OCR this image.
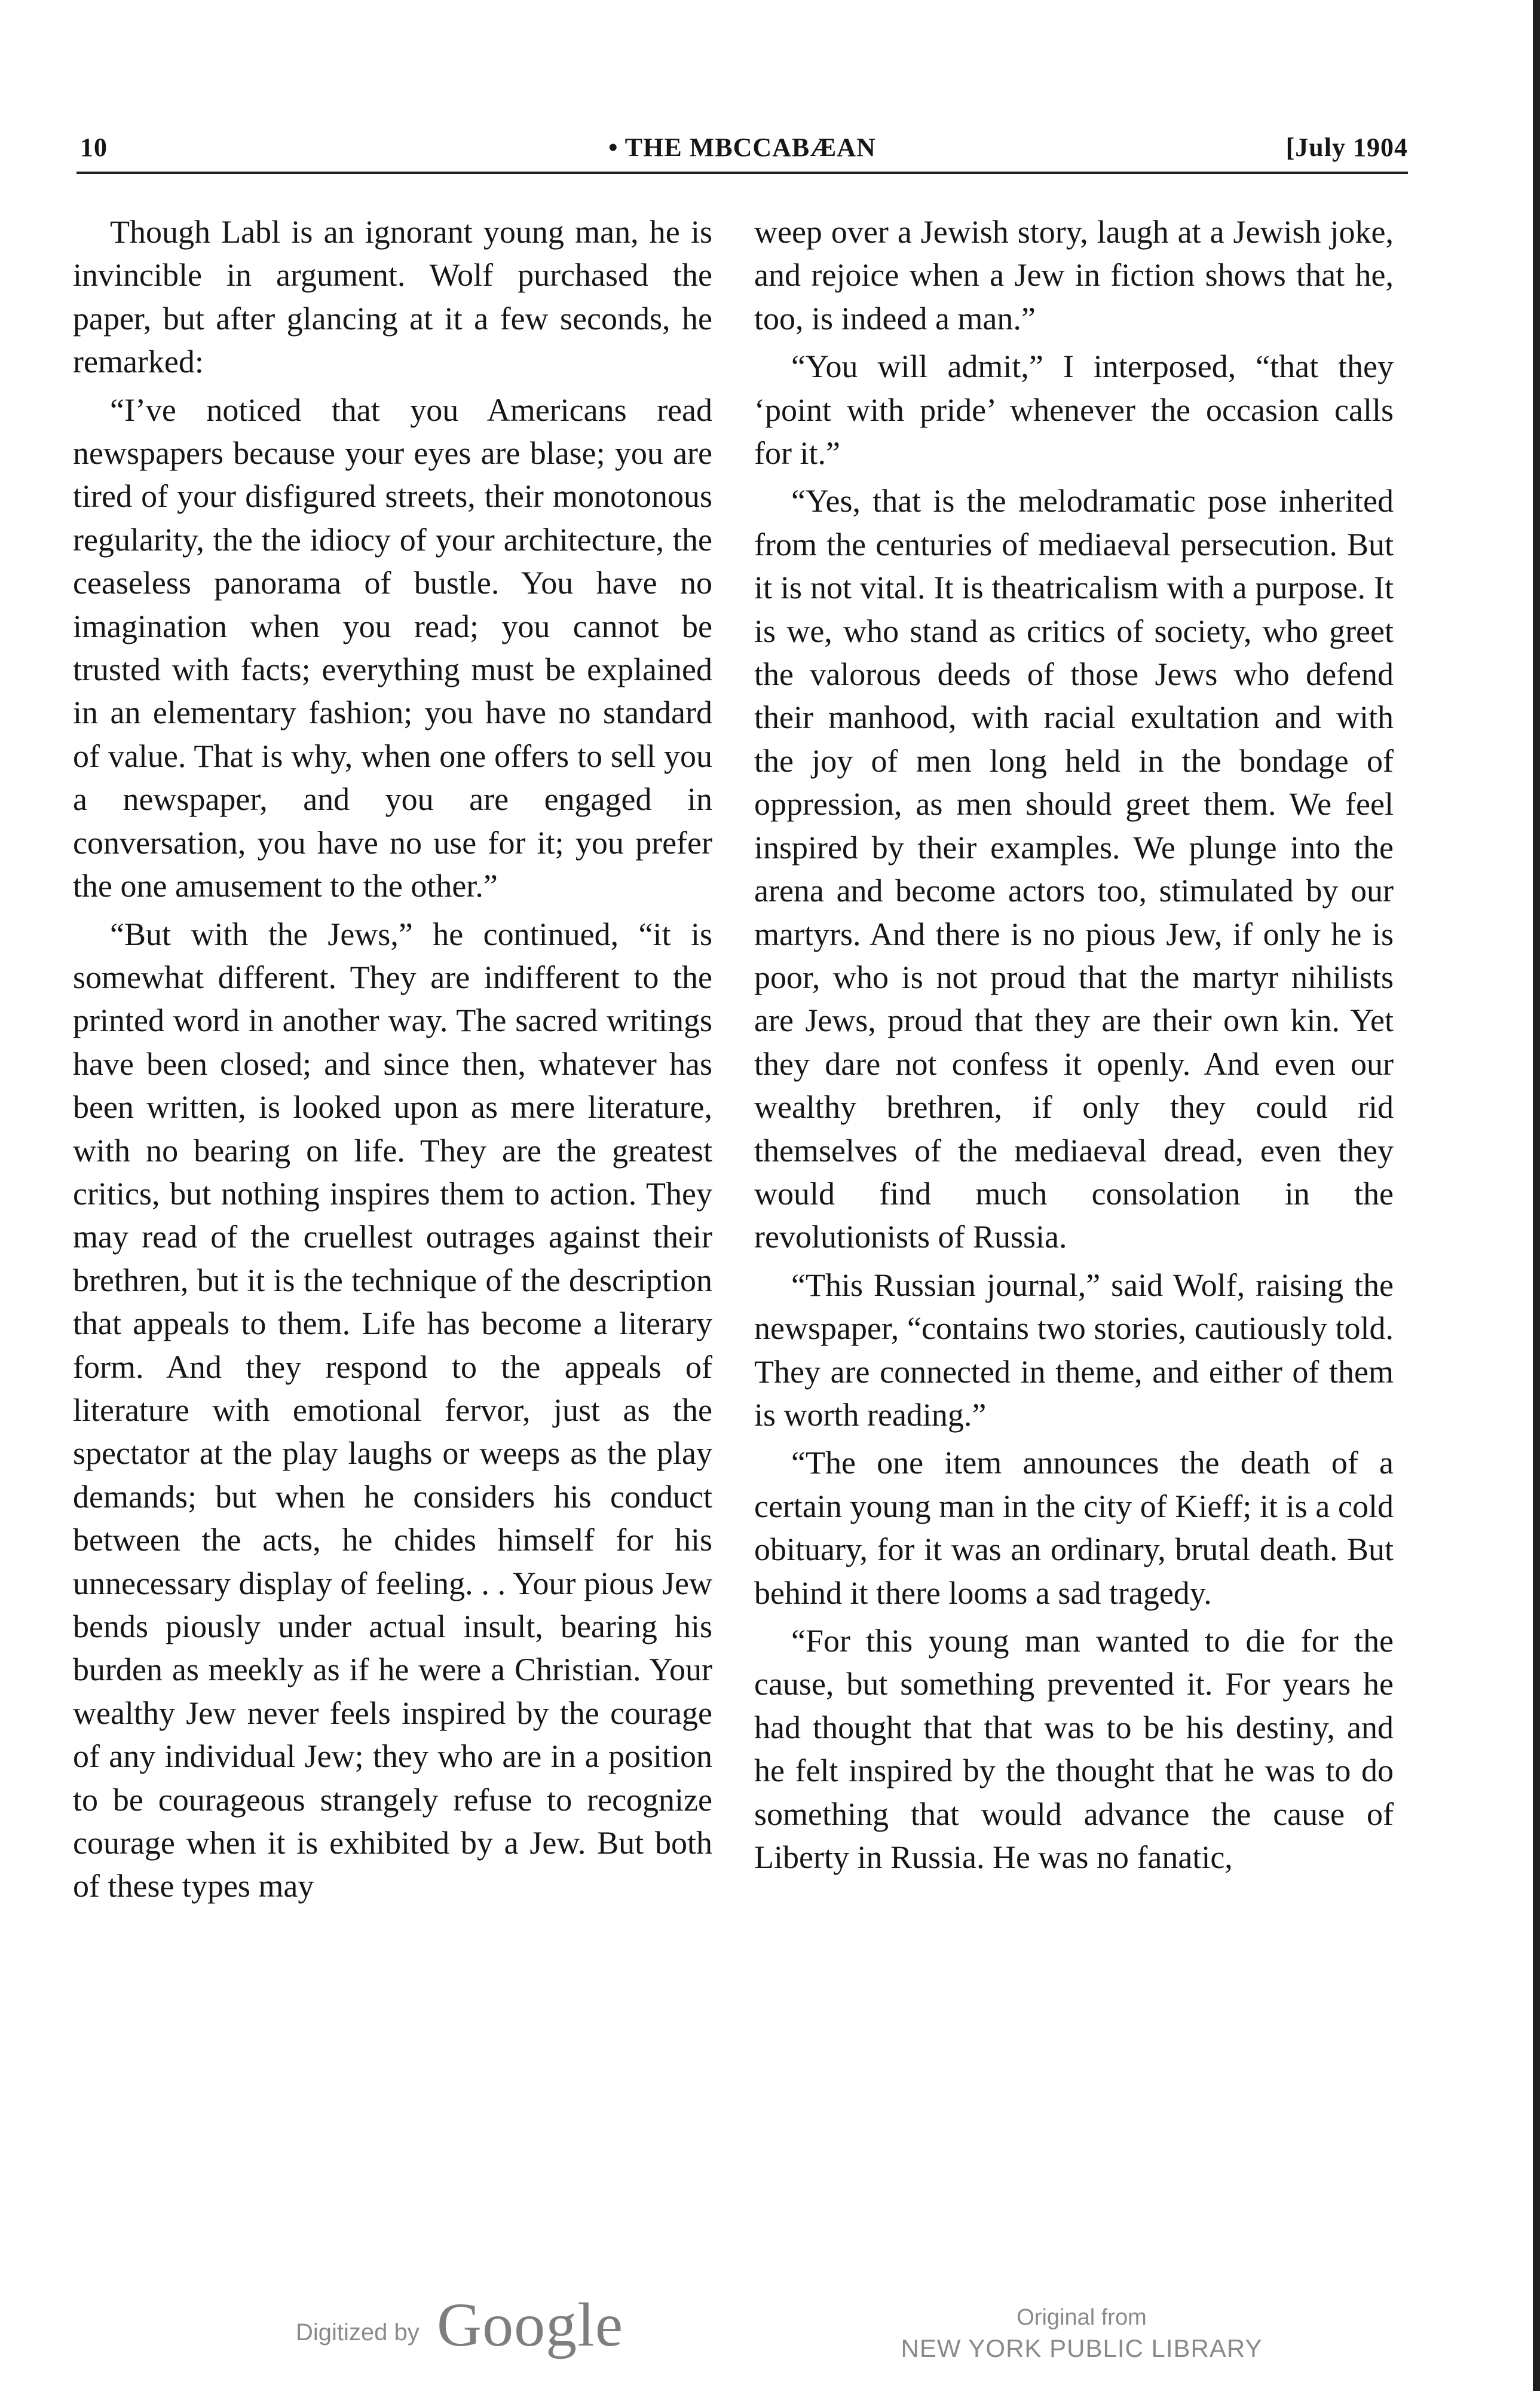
10	• THE MBCCABÆAN	[July 1904

Though Labl is an ignorant young man, he is invincible in argument. Wolf purchased the paper, but after glancing at it a few seconds, he remarked:

“I’ve noticed that you Americans read newspapers because your eyes are blase; you are tired of your disfigured streets, their monotonous regularity, the the idiocy of your architecture, the ceaseless panorama of bustle. You have no imagination when you read; you cannot be trusted with facts; everything must be explained in an elementary fashion; you have no standard of value. That is why, when one offers to sell you a newspaper, and you are engaged in conversation, you have no use for it; you prefer the one amusement to the other.”

“But with the Jews,” he continued, “it is somewhat different. They are indifferent to the printed word in another way. The sacred writings have been closed; and since then, whatever has been written, is looked upon as mere literature, with no bearing on life. They are the greatest critics, but nothing inspires them to action. They may read of the cruellest outrages against their brethren, but it is the technique of the description that appeals to them. Life has become a literary form. And they respond to the appeals of literature with emotional fervor, just as the spectator at the play laughs or weeps as the play demands; but when he considers his conduct between the acts, he chides himself for his unnecessary display of feeling. . . Your pious Jew bends piously under actual insult, bearing his burden as meekly as if he were a Christian. Your wealthy Jew never feels inspired by the courage of any individual Jew; they who are in a position to be courageous strangely refuse to recognize courage when it is exhibited by a Jew. But both of these types may

weep over a Jewish story, laugh at a Jewish joke, and rejoice when a Jew in fiction shows that he, too, is indeed a man.”

“You will admit,” I interposed, “that they ‘point with pride’ whenever the occasion calls for it.”

“Yes, that is the melodramatic pose inherited from the centuries of mediaeval persecution. But it is not vital. It is theatricalism with a purpose. It is we, who stand as critics of society, who greet the valorous deeds of those Jews who defend their manhood, with racial exultation and with the joy of men long held in the bondage of oppression, as men should greet them. We feel inspired by their examples. We plunge into the arena and become actors too, stimulated by our martyrs. And there is no pious Jew, if only he is poor, who is not proud that the martyr nihilists are Jews, proud that they are their own kin. Yet they dare not confess it openly. And even our wealthy brethren, if only they could rid themselves of the mediaeval dread, even they would find much consolation in the revolutionists of Russia.

“This Russian journal,” said Wolf, raising the newspaper, “contains two stories, cautiously told. They are connected in theme, and either of them is worth reading.”

“The one item announces the death of a certain young man in the city of Kieff; it is a cold obituary, for it was an ordinary, brutal death. But behind it there looms a sad tragedy.

“For this young man wanted to die for the cause, but something prevented it. For years he had thought that that was to be his destiny, and he felt inspired by the thought that he was to do something that would advance the cause of Liberty in Russia. He was no fanatic,

Digitized by Google	Original from
NEW YORK PUBLIC LIBRARY
